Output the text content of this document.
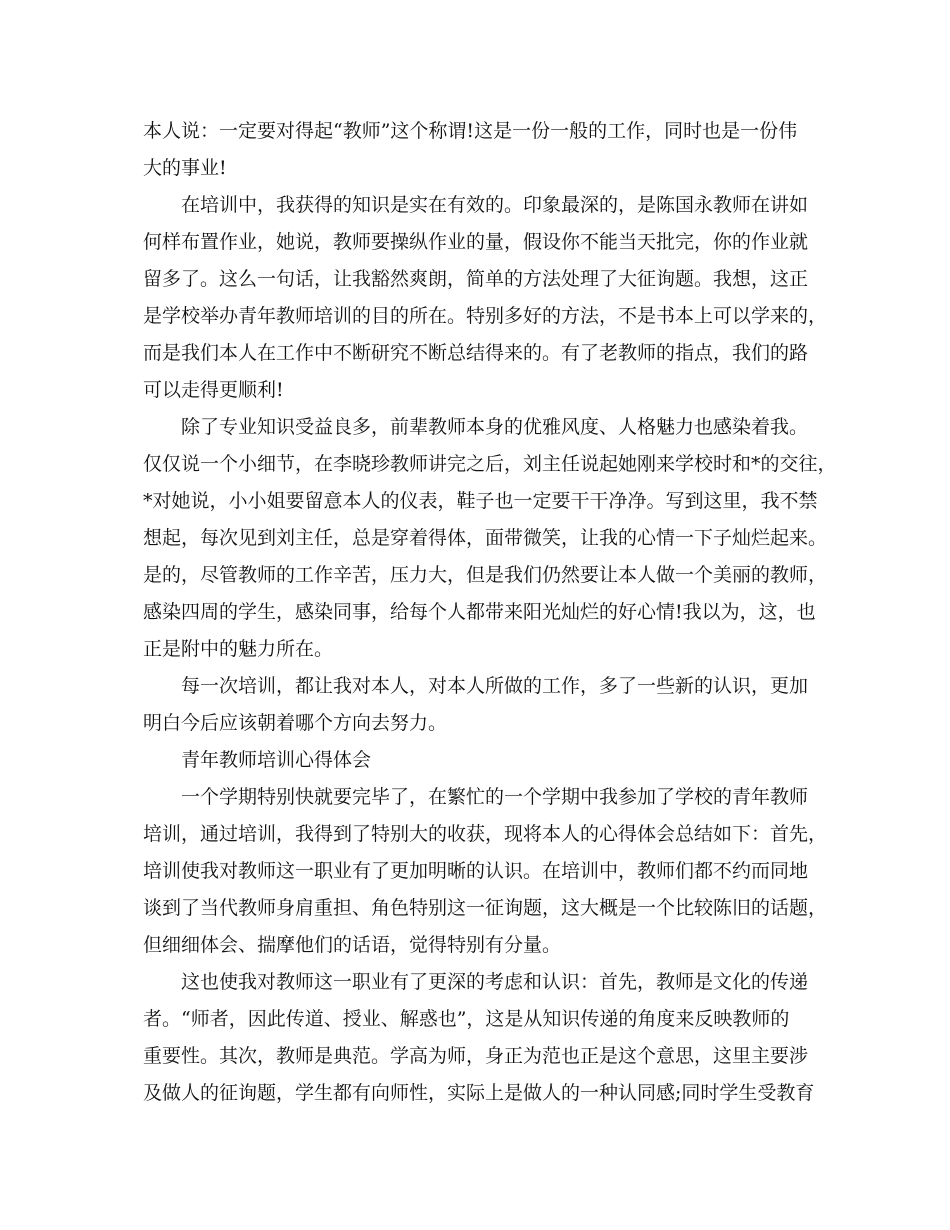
本人说：一定要对得起“教师”这个称谓!这是一份一般的工作，同时也是一份伟

大的事业!

在培训中，我获得的知识是实在有效的。印象最深的，是陈国永教师在讲如

何样布置作业，她说，教师要操纵作业的量，假设你不能当天批完，你的作业就

留多了。这么一句话，让我豁然爽朗，简单的方法处理了大征询题。我想，这正

是学校举办青年教师培训的目的所在。特别多好的方法，不是书本上可以学来的，

而是我们本人在工作中不断研究不断总结得来的。有了老教师的指点，我们的路

可以走得更顺利!

除了专业知识受益良多，前辈教师本身的优雅风度、人格魅力也感染着我。

仅仅说一个小细节，在李晓珍教师讲完之后，刘主任说起她刚来学校时和*的交往，

*对她说，小小姐要留意本人的仪表，鞋子也一定要干干净净。写到这里，我不禁

想起，每次见到刘主任，总是穿着得体，面带微笑，让我的心情一下子灿烂起来。

是的，尽管教师的工作辛苦，压力大，但是我们仍然要让本人做一个美丽的教师，

感染四周的学生，感染同事，给每个人都带来阳光灿烂的好心情!我以为，这，也

正是附中的魅力所在。

每一次培训，都让我对本人，对本人所做的工作，多了一些新的认识，更加

明白今后应该朝着哪个方向去努力。

青年教师培训心得体会

一个学期特别快就要完毕了，在繁忙的一个学期中我参加了学校的青年教师

培训，通过培训，我得到了特别大的收获，现将本人的心得体会总结如下：首先，

培训使我对教师这一职业有了更加明晰的认识。在培训中，教师们都不约而同地

谈到了当代教师身肩重担、角色特别这一征询题，这大概是一个比较陈旧的话题，

但细细体会、揣摩他们的话语，觉得特别有分量。

这也使我对教师这一职业有了更深的考虑和认识：首先，教师是文化的传递

者。“师者，因此传道、授业、解惑也”，这是从知识传递的角度来反映教师的

重要性。其次，教师是典范。学高为师，身正为范也正是这个意思，这里主要涉

及做人的征询题，学生都有向师性，实际上是做人的一种认同感;同时学生受教育
